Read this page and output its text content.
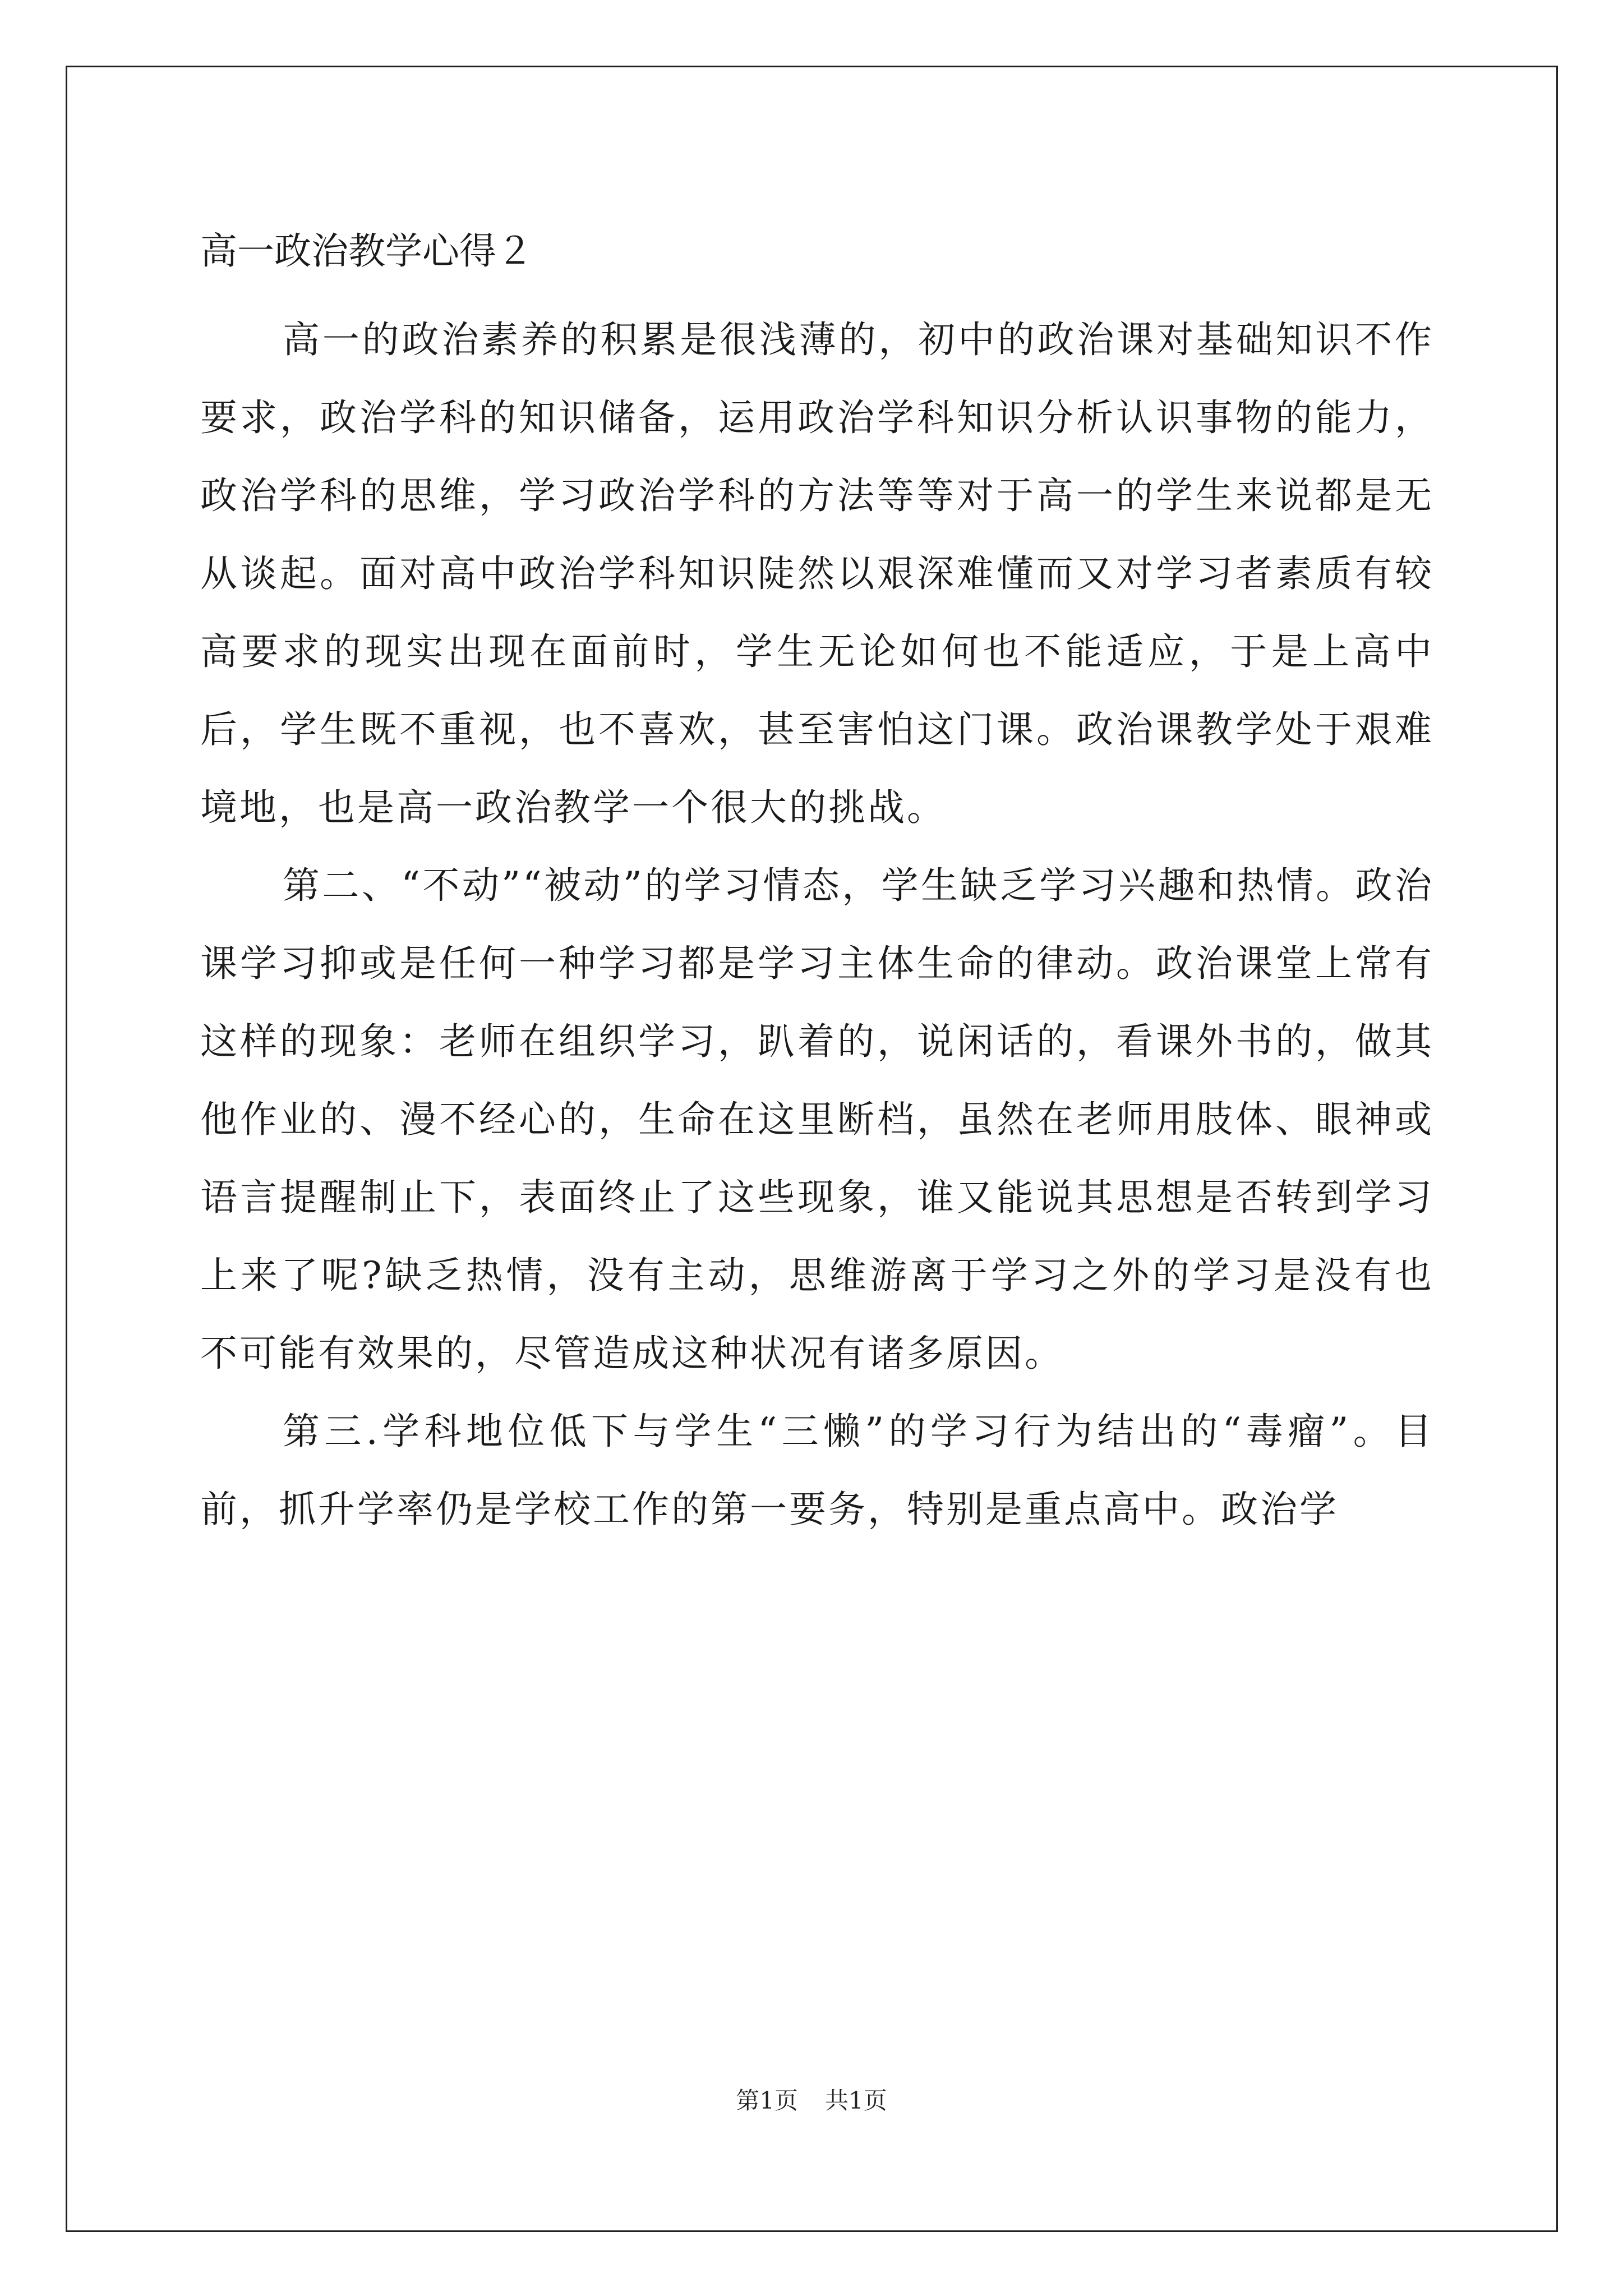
高一政治教学心得２

高一的政治素养的积累是很浅薄的，初中的政治课对基础知识不作要求，政治学科的知识储备，运用政治学科知识分析认识事物的能力，政治学科的思维，学习政治学科的方法等等对于高一的学生来说都是无从谈起。面对高中政治学科知识陡然以艰深难懂而又对学习者素质有较高要求的现实出现在面前时，学生无论如何也不能适应，于是上高中后，学生既不重视，也不喜欢，甚至害怕这门课。政治课教学处于艰难境地，也是高一政治教学一个很大的挑战。

第二、“不动”“被动”的学习情态，学生缺乏学习兴趣和热情。政治课学习抑或是任何一种学习都是学习主体生命的律动。政治课堂上常有这样的现象：老师在组织学习，趴着的，说闲话的，看课外书的，做其他作业的、漫不经心的，生命在这里断档，虽然在老师用肢体、眼神或语言提醒制止下，表面终止了这些现象，谁又能说其思想是否转到学习上来了呢?缺乏热情，没有主动，思维游离于学习之外的学习是没有也不可能有效果的，尽管造成这种状况有诸多原因。

第三.学科地位低下与学生“三懒”的学习行为结出的“毒瘤”。目前，抓升学率仍是学校工作的第一要务，特别是重点高中。政治学

第1页 共1页
